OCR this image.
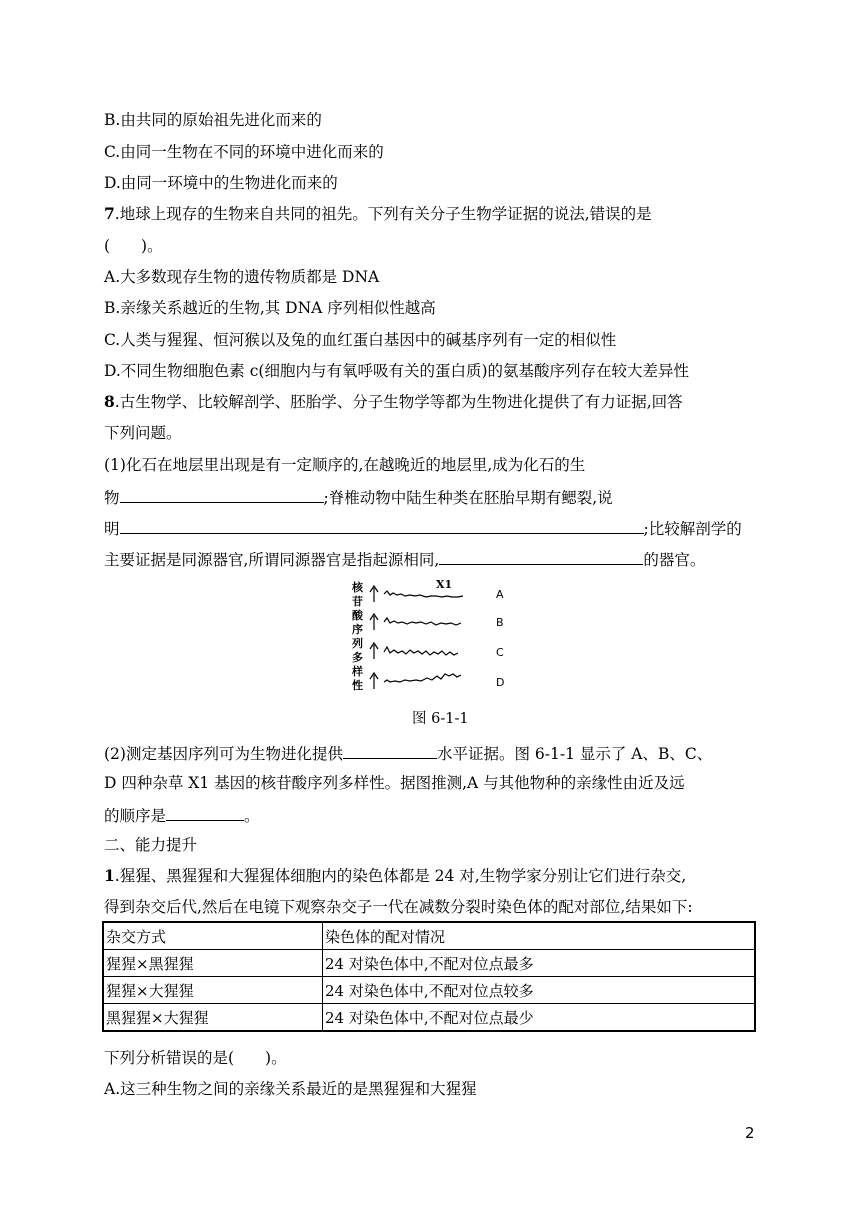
B.由共同的原始祖先进化而来的
C.由同一生物在不同的环境中进化而来的
D.由同一环境中的生物进化而来的
7.地球上现存的生物来自共同的祖先。下列有关分子生物学证据的说法,错误的是
(　　)。
A.大多数现存生物的遗传物质都是 DNA
B.亲缘关系越近的生物,其 DNA 序列相似性越高
C.人类与猩猩、恒河猴以及兔的血红蛋白基因中的碱基序列有一定的相似性
D.不同生物细胞色素 c(细胞内与有氧呼吸有关的蛋白质)的氨基酸序列存在较大差异性
8.古生物学、比较解剖学、胚胎学、分子生物学等都为生物进化提供了有力证据,回答
下列问题。
(1)化石在地层里出现是有一定顺序的,在越晚近的地层里,成为化石的生
物	;脊椎动物中陆生种类在胚胎早期有鳃裂,说
明	;比较解剖学的
主要证据是同源器官,所谓同源器官是指起源相同,	的器官。
核
苷
酸
序
列
多
样
性
X1
A
B
C
D
图 6-1-1
(2)测定基因序列可为生物进化提供	水平证据。图 6-1-1 显示了 A、B、C、
D 四种杂草 X1 基因的核苷酸序列多样性。据图推测,A 与其他物种的亲缘性由近及远
的顺序是	。
二、能力提升
1.猩猩、黑猩猩和大猩猩体细胞内的染色体都是 24 对,生物学家分别让它们进行杂交,
得到杂交后代,然后在电镜下观察杂交子一代在减数分裂时染色体的配对部位,结果如下:
杂交方式	染色体的配对情况
猩猩×黑猩猩	24 对染色体中,不配对位点最多
猩猩×大猩猩	24 对染色体中,不配对位点较多
黑猩猩×大猩猩	24 对染色体中,不配对位点最少
下列分析错误的是(　　)。
A.这三种生物之间的亲缘关系最近的是黑猩猩和大猩猩
2
